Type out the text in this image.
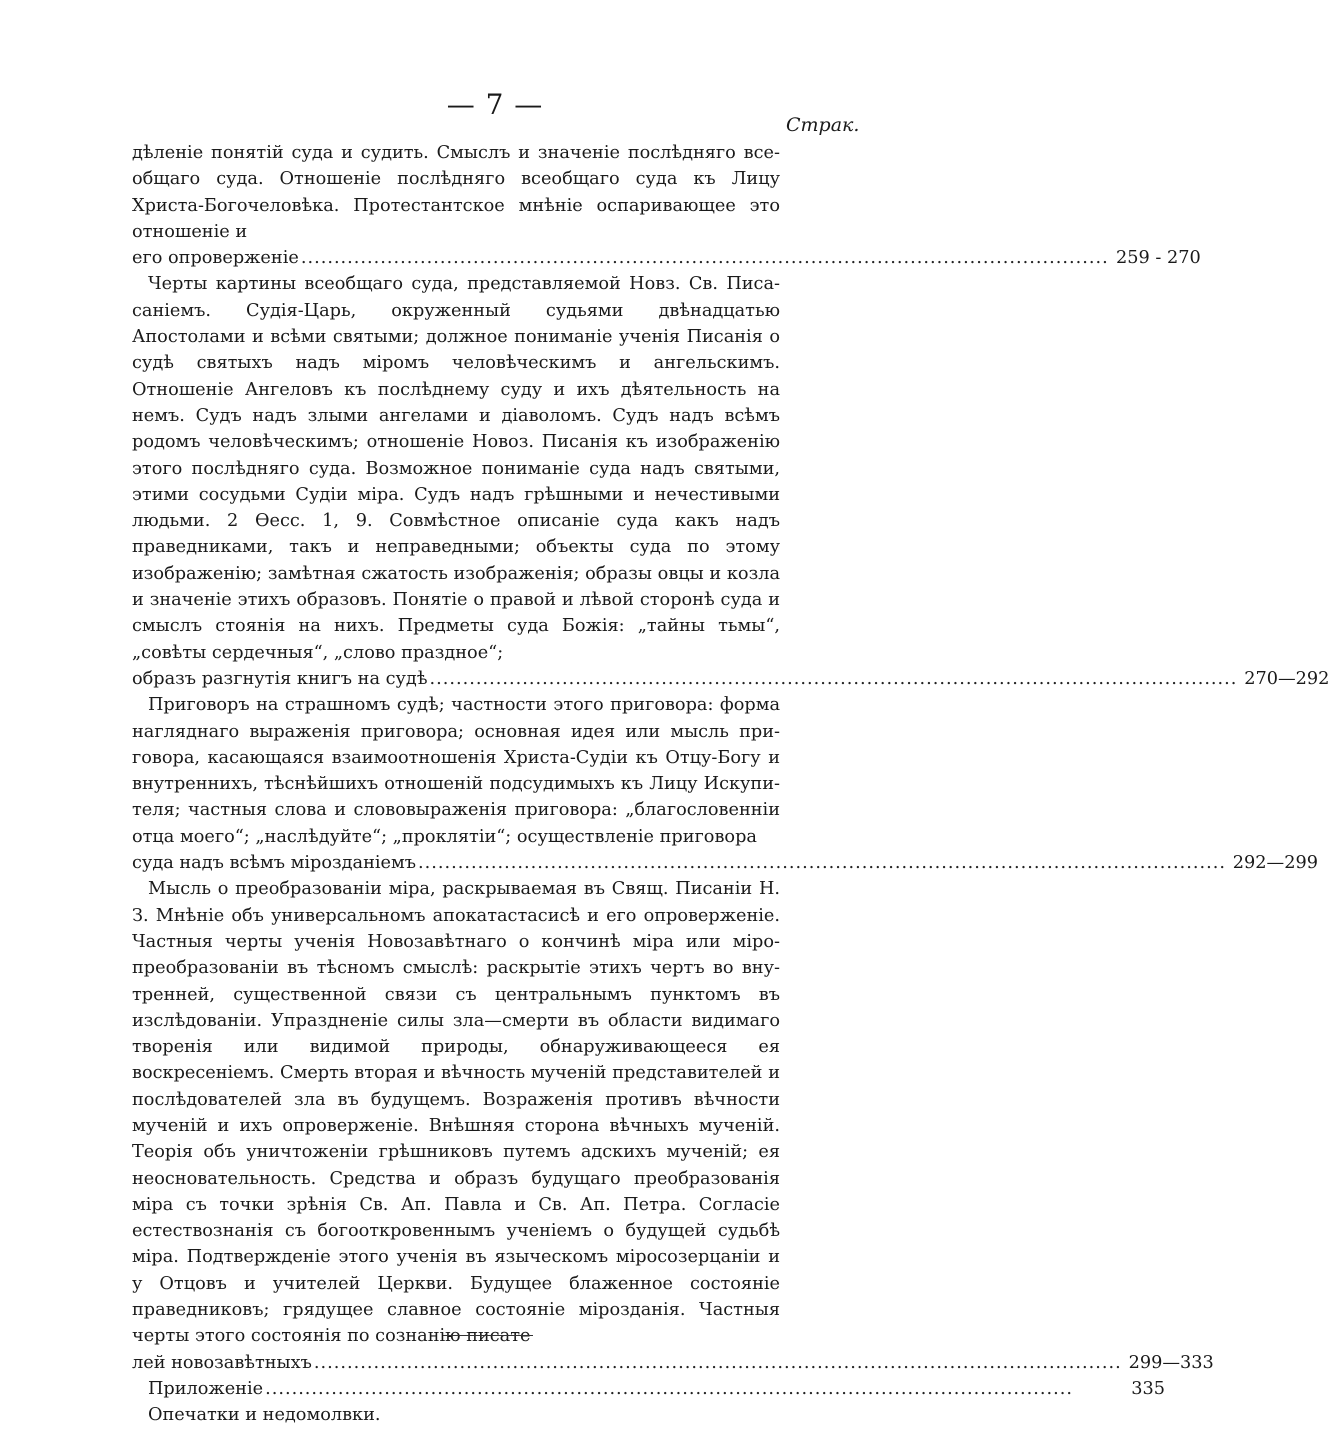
— 7 —
Страк.

дѣленіе понятій суда и судить. Смыслъ и значеніе послѣдняго всеобщаго суда. Отношеніе послѣдняго всеобщаго суда къ Лицу Христа-Богочеловѣка. Протестантское мнѣніе оспаривающее это отношеніе и

его опроверженіе .......................................................................................................................... 259 - 270

Черты картины всеобщаго суда, представляемой Новз. Св. Писасаніемъ. Судія-Царь, окруженный судьями двѣнадцатью Апостолами и всѣми святыми; должное пониманіе ученія Писанія о судѣ святыхъ надъ міромъ человѣческимъ и ангельскимъ. Отношеніе Ангеловъ къ послѣднему суду и ихъ дѣятельность на немъ. Судъ надъ злыми ангелами и діаволомъ. Судъ надъ всѣмъ родомъ человѣческимъ; отношеніе Новоз. Писанія къ изображенію этого послѣдняго суда. Возможное пониманіе суда надъ святыми, этими сосудьми Судіи міра. Судъ надъ грѣшными и нечестивыми людьми. 2 Ѳесс. 1, 9. Совмѣстное описаніе суда какъ надъ праведниками, такъ и неправедными; объекты суда по этому изображенію; замѣтная сжатость изображенія; образы овцы и козла и значеніе этихъ образовъ. Понятіе о правой и лѣвой сторонѣ суда и смыслъ стоянія на нихъ. Предметы суда Божія: „тайны тьмы“, „совѣты сердечныя“, „слово праздное“;

образъ разгнутія книгъ на судѣ .......................................................................................................................... 270—292

Приговоръ на страшномъ судѣ; частности этого приговора: форма нагляднаго выраженія приговора; основная идея или мысль приговора, касающаяся взаимоотношенія Христа-Судіи къ Отцу-Богу и внутреннихъ, тѣснѣйшихъ отношеній подсудимыхъ къ Лицу Искупителя; частныя слова и слововыраженія приговора: „благословенніи отца моего“; „наслѣдуйте“; „проклятіи“; осуществленіе приговора

суда надъ всѣмъ мірозданіемъ .......................................................................................................................... 292—299

Мысль о преобразованіи міра, раскрываемая въ Свящ. Писаніи Н. З. Мнѣніе объ универсальномъ апокатастасисѣ и его опроверженіе. Частныя черты ученія Новозавѣтнаго о кончинѣ міра или міропреобразованіи въ тѣсномъ смыслѣ: раскрытіе этихъ чертъ во внутренней, существенной связи съ центральнымъ пунктомъ въ изслѣдованіи. Упраздненіе силы зла—смерти въ области видимаго творенія или видимой природы, обнаруживающееся ея воскресеніемъ. Смерть вторая и вѣчность мученій представителей и послѣдователей зла въ будущемъ. Возраженія противъ вѣчности мученій и ихъ опроверженіе. Внѣшняя сторона вѣчныхъ мученій. Теорія объ уничтоженіи грѣшниковъ путемъ адскихъ мученій; ея неосновательность. Средства и образъ будущаго преобразованія міра съ точки зрѣнія Св. Ап. Павла и Св. Ап. Петра. Согласіе естествознанія съ богооткровеннымъ ученіемъ о будущей судьбѣ міра. Подтвержденіе этого ученія въ языческомъ міросозерцаніи и у Отцовъ и учителей Церкви. Будущее блаженное состояніе праведниковъ; грядущее славное состояніе мірозданія. Частныя черты этого состоянія по сознанію писате

лей новозавѣтныхъ .......................................................................................................................... 299—333
Приложеніе ..........................................................................................................................	335
Опечатки и недомолвки.
